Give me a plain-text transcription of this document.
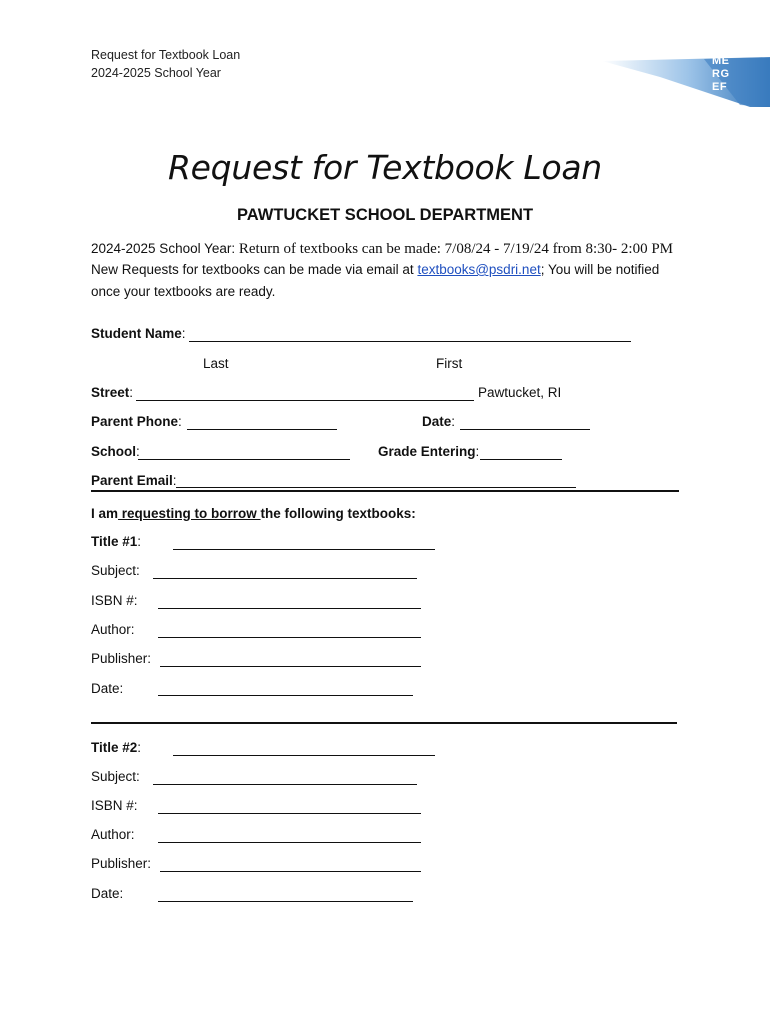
Request for Textbook Loan
2024-2025 School Year
ME
RG
EF
Request for Textbook Loan
PAWTUCKET SCHOOL DEPARTMENT
2024-2025 School Year: Return of textbooks can be made: 7/08/24 - 7/19/24 from 8:30- 2:00 PM
New Requests for textbooks can be made via email at textbooks@psdri.net; You will be notified
once your textbooks are ready.
Student Name:
Last	First
Street:	Pawtucket, RI
Parent Phone:	Date:
School:	Grade Entering:
Parent Email:
I am requesting to borrow the following textbooks:
Title #1:
Subject:
ISBN #:
Author:
Publisher:
Date:
Title #2:
Subject:
ISBN #:
Author:
Publisher:
Date:
